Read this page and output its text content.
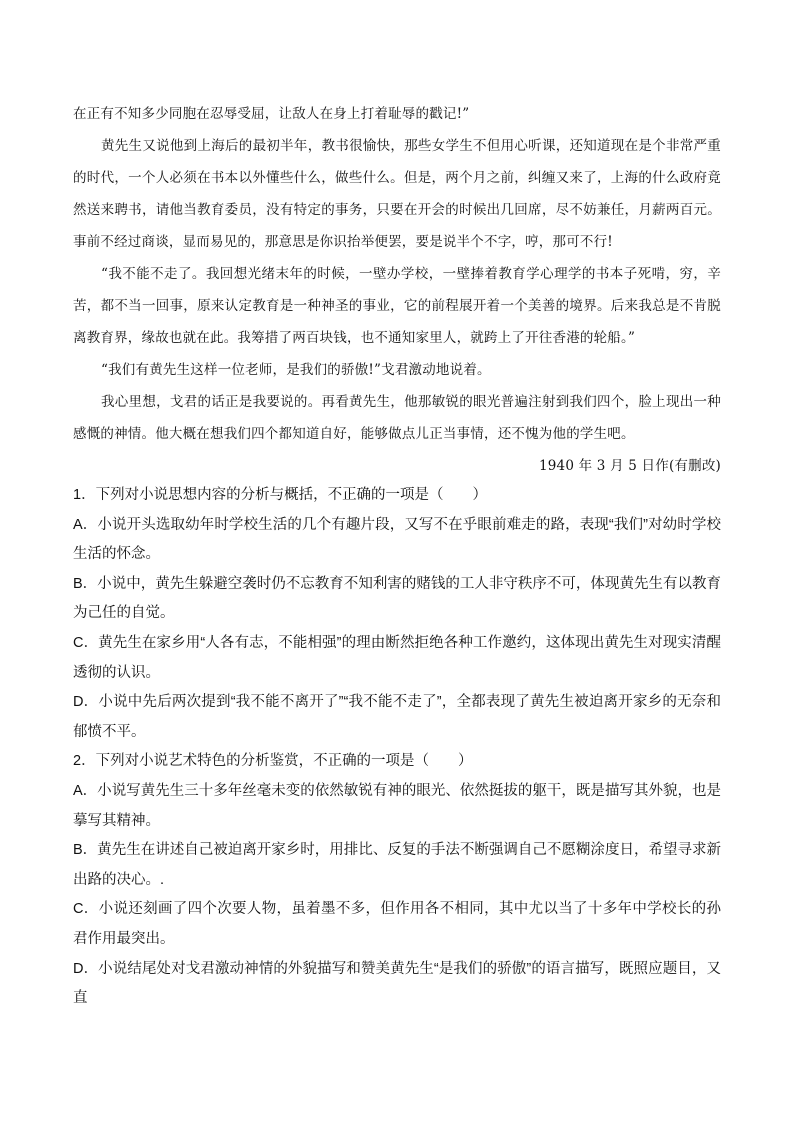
在正有不知多少同胞在忍辱受屈，让敌人在身上打着耻辱的戳记!”

黄先生又说他到上海后的最初半年，教书很愉快，那些女学生不但用心听课，还知道现在是个非常严重的时代，一个人必须在书本以外懂些什么，做些什么。但是，两个月之前，纠缠又来了，上海的什么政府竟然送来聘书，请他当教育委员，没有特定的事务，只要在开会的时候出几回席，尽不妨兼任，月薪两百元。事前不经过商谈，显而易见的，那意思是你识抬举便罢，要是说半个不字，哼，那可不行!

“我不能不走了。我回想光绪末年的时候，一壁办学校，一壁捧着教育学心理学的书本子死啃，穷，辛苦，都不当一回事，原来认定教育是一种神圣的事业，它的前程展开着一个美善的境界。后来我总是不肯脱离教育界，缘故也就在此。我筹措了两百块钱，也不通知家里人，就跨上了开往香港的轮船。”

“我们有黄先生这样一位老师，是我们的骄傲!”戈君激动地说着。

我心里想，戈君的话正是我要说的。再看黄先生，他那敏锐的眼光普遍注射到我们四个，脸上现出一种感慨的神情。他大概在想我们四个都知道自好，能够做点儿正当事情，还不愧为他的学生吧。

1940 年 3 月 5 日作(有删改)

1．下列对小说思想内容的分析与概括，不正确的一项是（　　）

A．小说开头选取幼年时学校生活的几个有趣片段，又写不在乎眼前难走的路，表现“我们”对幼时学校生活的怀念。

B．小说中，黄先生躲避空袭时仍不忘教育不知利害的赌钱的工人非守秩序不可，体现黄先生有以教育为己任的自觉。

C．黄先生在家乡用“人各有志，不能相强”的理由断然拒绝各种工作邀约，这体现出黄先生对现实清醒透彻的认识。

D．小说中先后两次提到“我不能不离开了”“我不能不走了”，全都表现了黄先生被迫离开家乡的无奈和郁愤不平。

2．下列对小说艺术特色的分析鉴赏，不正确的一项是（　　）

A．小说写黄先生三十多年丝毫未变的依然敏锐有神的眼光、依然挺拔的躯干，既是描写其外貌，也是摹写其精神。

B．黄先生在讲述自己被迫离开家乡时，用排比、反复的手法不断强调自己不愿糊涂度日，希望寻求新出路的决心。.

C．小说还刻画了四个次要人物，虽着墨不多，但作用各不相同，其中尤以当了十多年中学校长的孙君作用最突出。

D．小说结尾处对戈君激动神情的外貌描写和赞美黄先生“是我们的骄傲”的语言描写，既照应题目，又直
